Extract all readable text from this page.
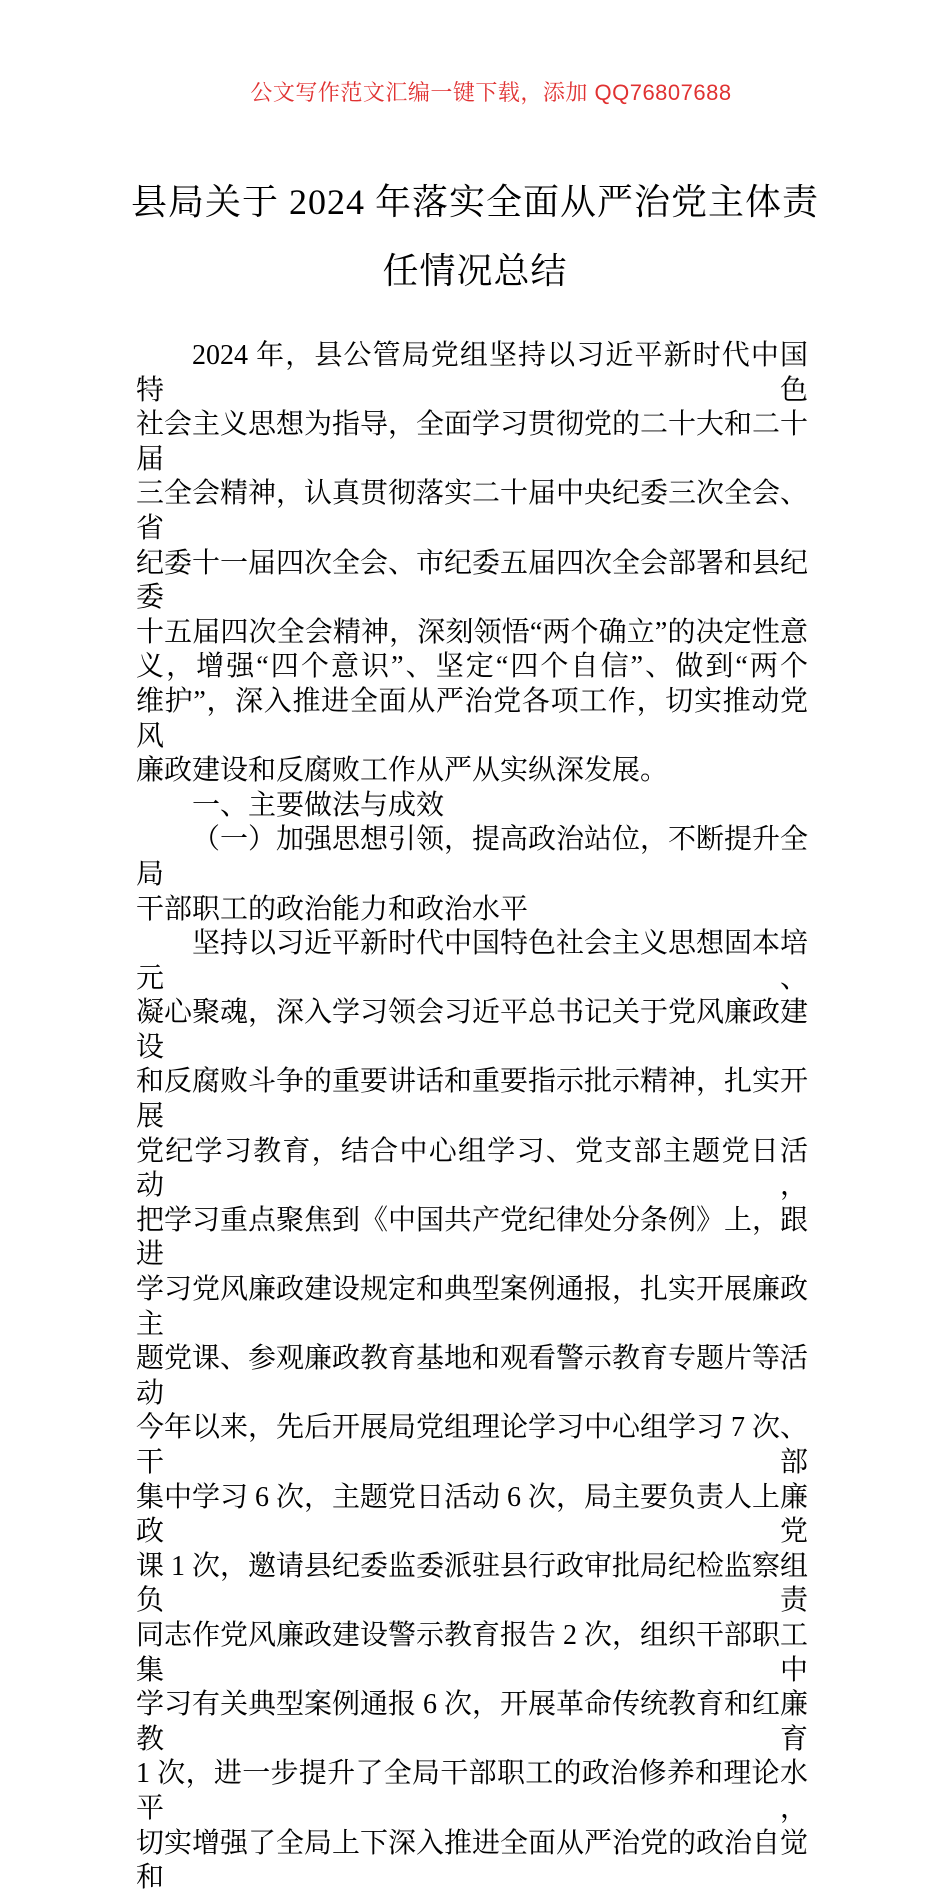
公文写作范文汇编一键下载，添加 QQ76807688
县局关于 2024 年落实全面从严治党主体责
任情况总结
2024 年，县公管局党组坚持以习近平新时代中国特色
社会主义思想为指导，全面学习贯彻党的二十大和二十届
三全会精神，认真贯彻落实二十届中央纪委三次全会、省
纪委十一届四次全会、市纪委五届四次全会部署和县纪委
十五届四次全会精神，深刻领悟“两个确立”的决定性意
义，增强“四个意识”、坚定“四个自信”、做到“两个
维护”，深入推进全面从严治党各项工作，切实推动党风
廉政建设和反腐败工作从严从实纵深发展。
一、主要做法与成效
（一）加强思想引领，提高政治站位，不断提升全局
干部职工的政治能力和政治水平
坚持以习近平新时代中国特色社会主义思想固本培元、
凝心聚魂，深入学习领会习近平总书记关于党风廉政建设
和反腐败斗争的重要讲话和重要指示批示精神，扎实开展
党纪学习教育，结合中心组学习、党支部主题党日活动，
把学习重点聚焦到《中国共产党纪律处分条例》上，跟进
学习党风廉政建设规定和典型案例通报，扎实开展廉政主
题党课、参观廉政教育基地和观看警示教育专题片等活动
今年以来，先后开展局党组理论学习中心组学习 7 次、干部
集中学习 6 次，主题党日活动 6 次，局主要负责人上廉政党
课 1 次，邀请县纪委监委派驻县行政审批局纪检监察组负责
同志作党风廉政建设警示教育报告 2 次，组织干部职工集中
学习有关典型案例通报 6 次，开展革命传统教育和红廉教育
1 次，进一步提升了全局干部职工的政治修养和理论水平，
切实增强了全局上下深入推进全面从严治党的政治自觉和
